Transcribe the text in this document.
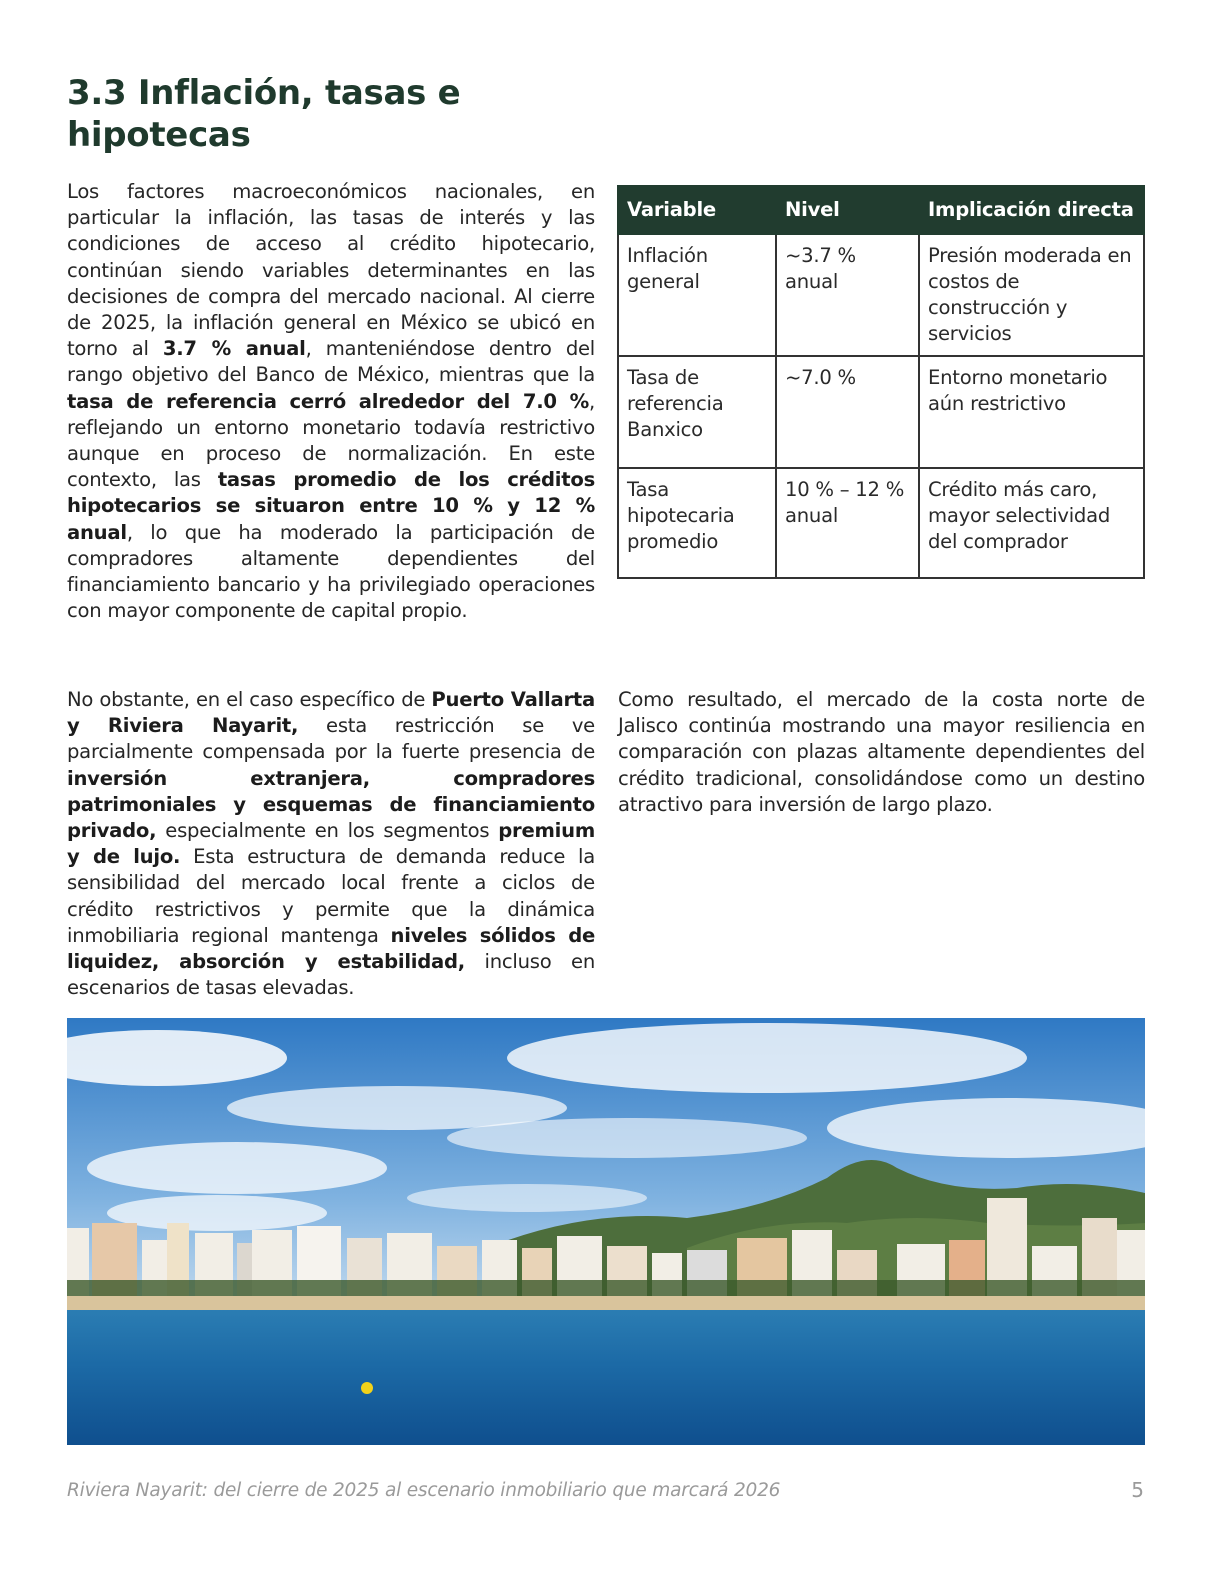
3.3 Inflación, tasas e hipotecas

Los factores macroeconómicos nacionales, en particular la inflación, las tasas de interés y las condiciones de acceso al crédito hipotecario, continúan siendo variables determinantes en las decisiones de compra del mercado nacional. Al cierre de 2025, la inflación general en México se ubicó en torno al 3.7 % anual, manteniéndose dentro del rango objetivo del Banco de México, mientras que la tasa de referencia cerró alrededor del 7.0 %, reflejando un entorno monetario todavía restrictivo aunque en proceso de normalización. En este contexto, las tasas promedio de los créditos hipotecarios se situaron entre 10 % y 12 % anual, lo que ha moderado la participación de compradores altamente dependientes del financiamiento bancario y ha privilegiado operaciones con mayor componente de capital propio.

Variable	Nivel	Implicación directa
Inflación general	~3.7 % anual	Presión moderada en costos de construcción y servicios
Tasa de referencia Banxico	~7.0 %	Entorno monetario aún restrictivo
Tasa hipotecaria promedio	10 % – 12 % anual	Crédito más caro, mayor selectividad del comprador

No obstante, en el caso específico de Puerto Vallarta y Riviera Nayarit, esta restricción se ve parcialmente compensada por la fuerte presencia de inversión extranjera, compradores patrimoniales y esquemas de financiamiento privado, especialmente en los segmentos premium y de lujo. Esta estructura de demanda reduce la sensibilidad del mercado local frente a ciclos de crédito restrictivos y permite que la dinámica inmobiliaria regional mantenga niveles sólidos de liquidez, absorción y estabilidad, incluso en escenarios de tasas elevadas.

Como resultado, el mercado de la costa norte de Jalisco continúa mostrando una mayor resiliencia en comparación con plazas altamente dependientes del crédito tradicional, consolidándose como un destino atractivo para inversión de largo plazo.

Riviera Nayarit: del cierre de 2025 al escenario inmobiliario que marcará 2026	5
